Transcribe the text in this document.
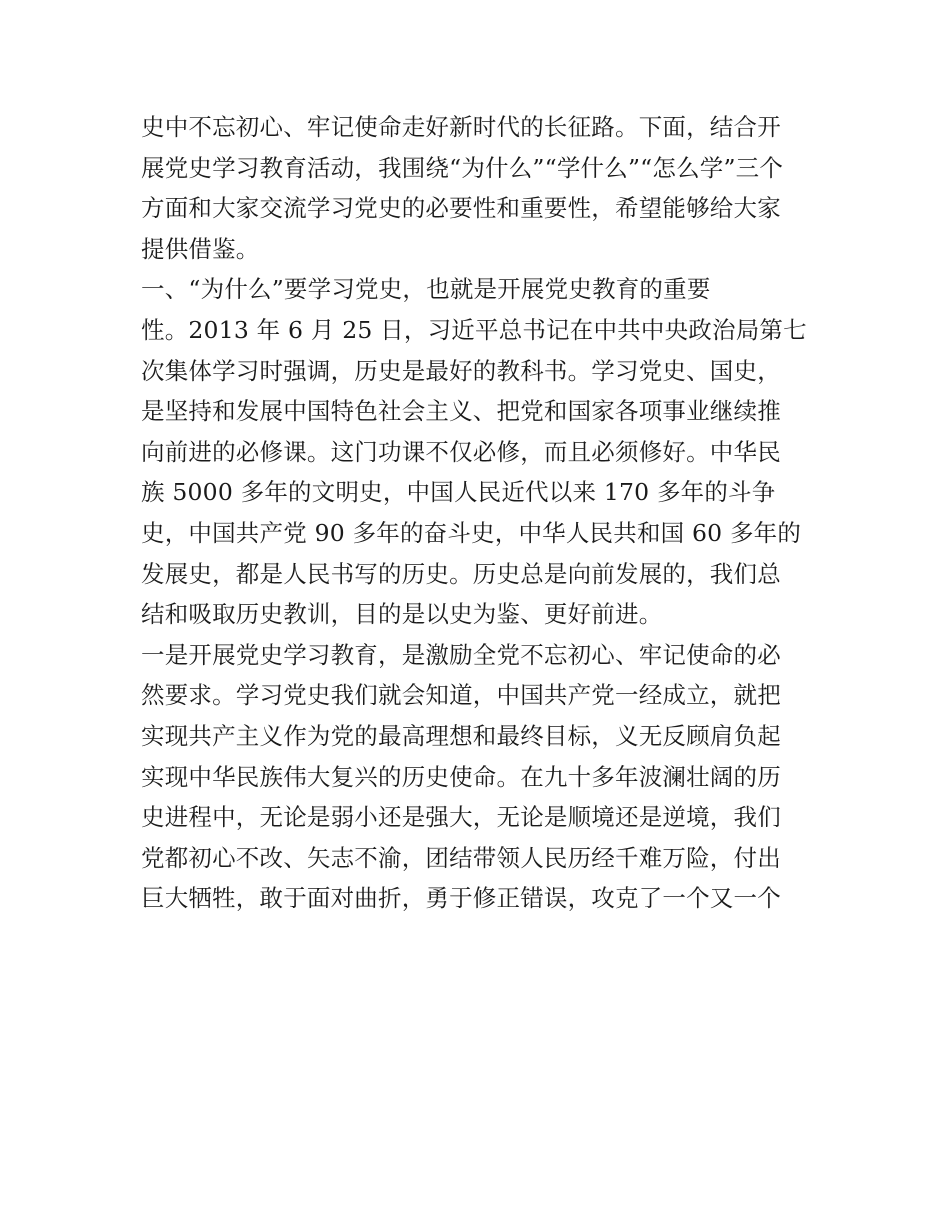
史中不忘初心、牢记使命走好新时代的长征路。下面，结合开
展党史学习教育活动，我围绕“为什么”“学什么”“怎么学”三个
方面和大家交流学习党史的必要性和重要性，希望能够给大家
提供借鉴。
一、“为什么”要学习党史，也就是开展党史教育的重要
性。2013 年 6 月 25 日，习近平总书记在中共中央政治局第七
次集体学习时强调，历史是最好的教科书。学习党史、国史，
是坚持和发展中国特色社会主义、把党和国家各项事业继续推
向前进的必修课。这门功课不仅必修，而且必须修好。中华民
族 5000 多年的文明史，中国人民近代以来 170 多年的斗争
史，中国共产党 90 多年的奋斗史，中华人民共和国 60 多年的
发展史，都是人民书写的历史。历史总是向前发展的，我们总
结和吸取历史教训，目的是以史为鉴、更好前进。
一是开展党史学习教育，是激励全党不忘初心、牢记使命的必
然要求。学习党史我们就会知道，中国共产党一经成立，就把
实现共产主义作为党的最高理想和最终目标，义无反顾肩负起
实现中华民族伟大复兴的历史使命。在九十多年波澜壮阔的历
史进程中，无论是弱小还是强大，无论是顺境还是逆境，我们
党都初心不改、矢志不渝，团结带领人民历经千难万险，付出
巨大牺牲，敢于面对曲折，勇于修正错误，攻克了一个又一个
